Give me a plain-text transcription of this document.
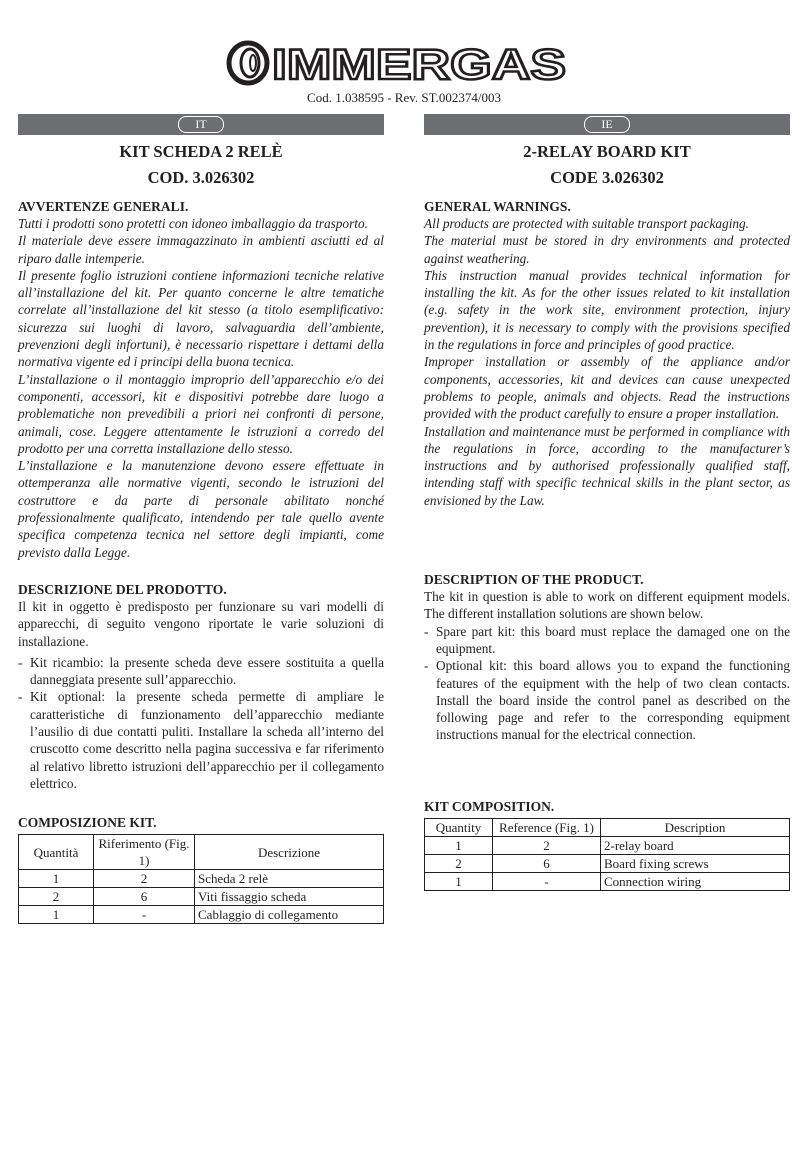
IMMERGAS
Cod. 1.038595 - Rev. ST.002374/003
IT
KIT SCHEDA 2 RELÈ
COD. 3.026302
AVVERTENZE GENERALI.

Tutti i prodotti sono protetti con idoneo imballaggio da trasporto.

Il materiale deve essere immagazzinato in ambienti asciutti ed al riparo dalle intemperie.

Il presente foglio istruzioni contiene informazioni tecniche relative all’installazione del kit. Per quanto concerne le altre tematiche correlate all’installazione del kit stesso (a titolo esemplificativo: sicurezza sui luoghi di lavoro, salvaguardia dell’ambiente, prevenzioni degli infortuni), è necessario rispettare i dettami della normativa vigente ed i principi della buona tecnica.

L’installazione o il montaggio improprio dell’apparecchio e/o dei componenti, accessori, kit e dispositivi potrebbe dare luogo a problematiche non prevedibili a priori nei confronti di persone, animali, cose. Leggere attentamente le istruzioni a corredo del prodotto per una corretta installazione dello stesso.

L’installazione e la manutenzione devono essere effettuate in ottemperanza alle normative vigenti, secondo le istruzioni del costruttore e da parte di personale abilitato nonché professionalmente qualificato, intendendo per tale quello avente specifica competenza tecnica nel settore degli impianti, come previsto dalla Legge.

DESCRIZIONE DEL PRODOTTO.

Il kit in oggetto è predisposto per funzionare su vari modelli di apparecchi, di seguito vengono riportate le varie soluzioni di installazione.

- Kit ricambio: la presente scheda deve essere sostituita a quella danneggiata presente sull’apparecchio.
- Kit optional: la presente scheda permette di ampliare le caratteristiche di funzionamento dell’apparecchio mediante l’ausilio di due contatti puliti. Installare la scheda all’interno del cruscotto come descritto nella pagina successiva e far riferimento al relativo libretto istruzioni dell’apparecchio per il collegamento elettrico.
COMPOSIZIONE KIT.
Quantità	Riferimento (Fig. 1)	Descrizione
1	2	Scheda 2 relè
2	6	Viti fissaggio scheda
1	-	Cablaggio di collegamento
IE
2-RELAY BOARD KIT
CODE 3.026302
GENERAL WARNINGS.

All products are protected with suitable transport packaging.

The material must be stored in dry environments and protected against weathering.

This instruction manual provides technical information for installing the kit. As for the other issues related to kit installation (e.g. safety in the work site, environment protection, injury prevention), it is necessary to comply with the provisions specified in the regulations in force and principles of good practice.

Improper installation or assembly of the appliance and/or components, accessories, kit and devices can cause unexpected problems to people, animals and objects. Read the instructions provided with the product carefully to ensure a proper installation.

Installation and maintenance must be performed in compliance with the regulations in force, according to the manufacturer’s instructions and by authorised professionally qualified staff, intending staff with specific technical skills in the plant sector, as envisioned by the Law.

DESCRIPTION OF THE PRODUCT.

The kit in question is able to work on different equipment models. The different installation solutions are shown below.

- Spare part kit: this board must replace the damaged one on the equipment.
- Optional kit: this board allows you to expand the functioning features of the equipment with the help of two clean contacts. Install the board inside the control panel as described on the following page and refer to the corresponding equipment instructions manual for the electrical connection.
KIT COMPOSITION.
Quantity	Reference (Fig. 1)	Description
1	2	2-relay board
2	6	Board fixing screws
1	-	Connection wiring
